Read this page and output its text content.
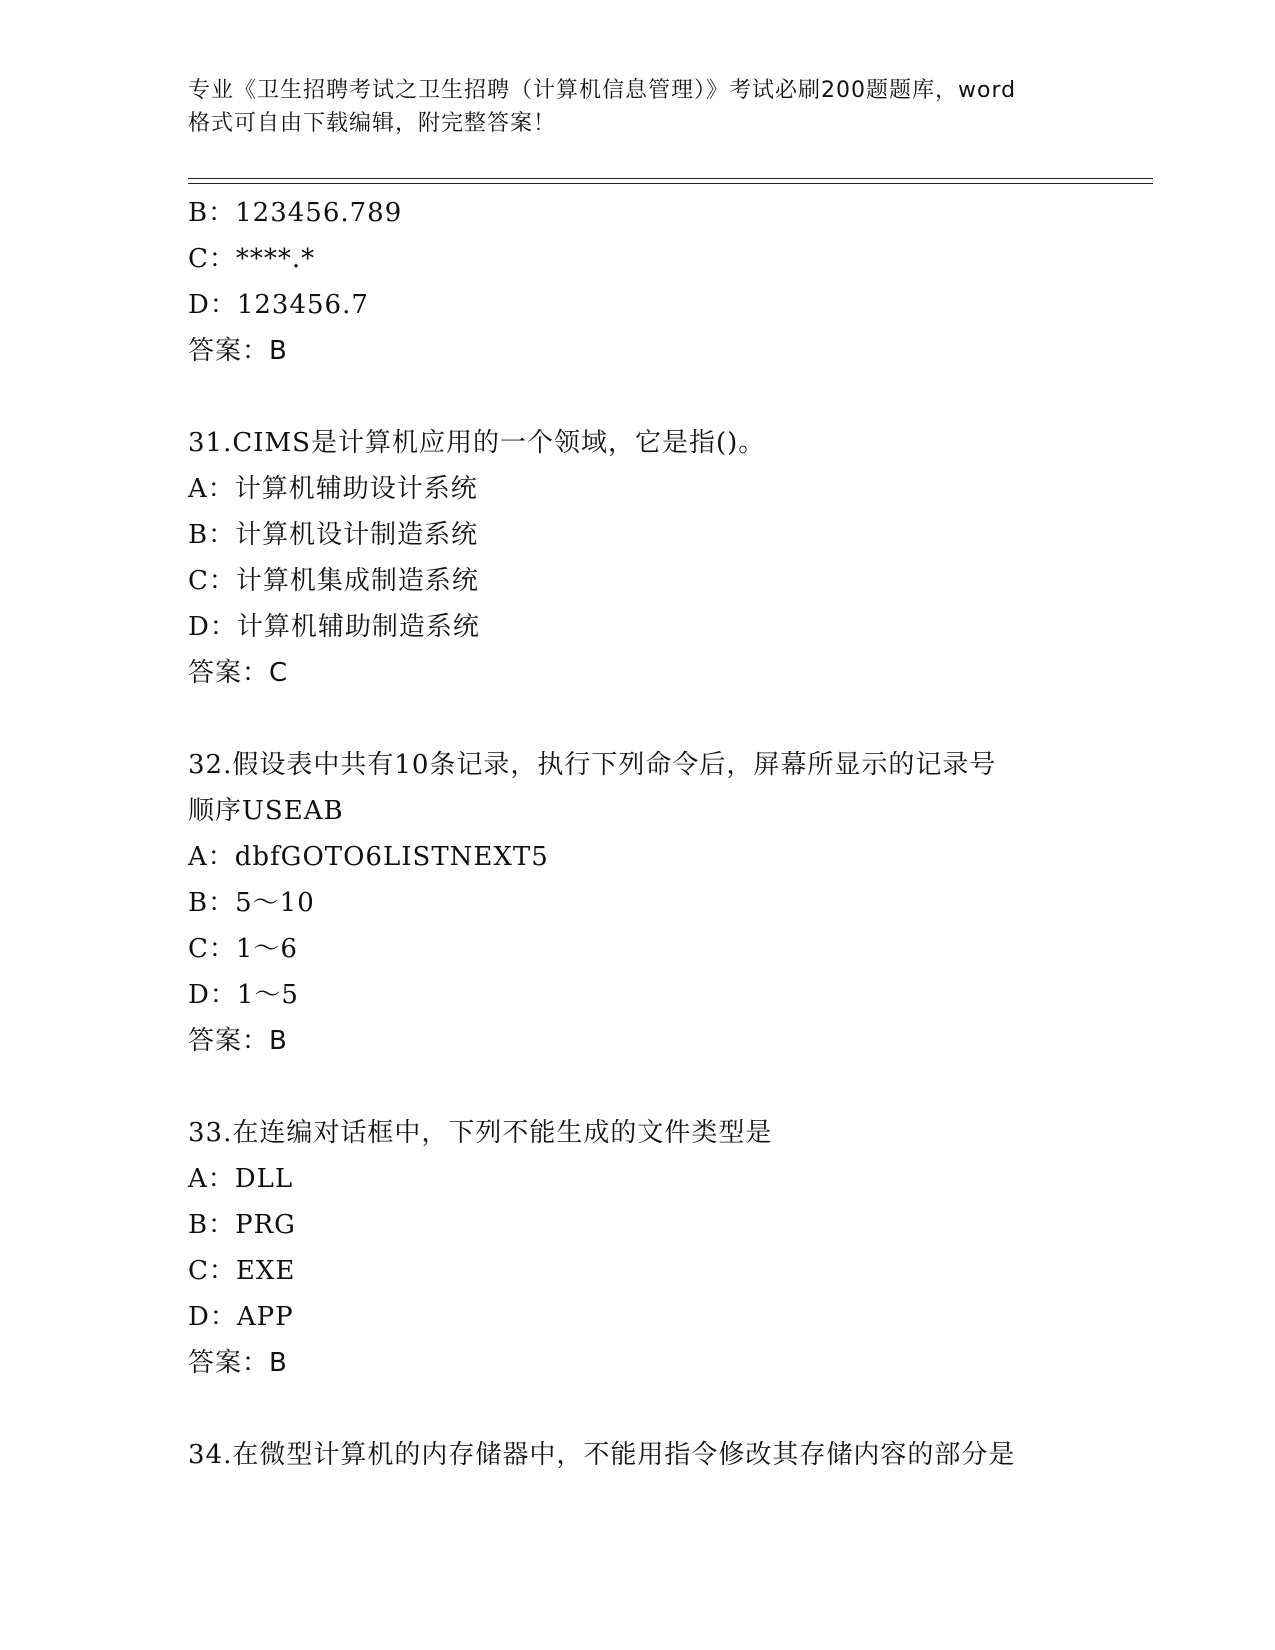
专业《卫生招聘考试之卫生招聘（计算机信息管理）》考试必刷200题题库，word
格式可自由下载编辑，附完整答案！
B：123456.789
C：****.*
D：123456.7
答案：B
31.CIMS是计算机应用的一个领域，它是指()。
A：计算机辅助设计系统
B：计算机设计制造系统
C：计算机集成制造系统
D：计算机辅助制造系统
答案：C
32.假设表中共有10条记录，执行下列命令后，屏幕所显示的记录号
顺序USEAB
A：dbfGOTO6LISTNEXT5
B：5～10
C：1～6
D：1～5
答案：B
33.在连编对话框中，下列不能生成的文件类型是
A：DLL
B：PRG
C：EXE
D：APP
答案：B
34.在微型计算机的内存储器中，不能用指令修改其存储内容的部分是
